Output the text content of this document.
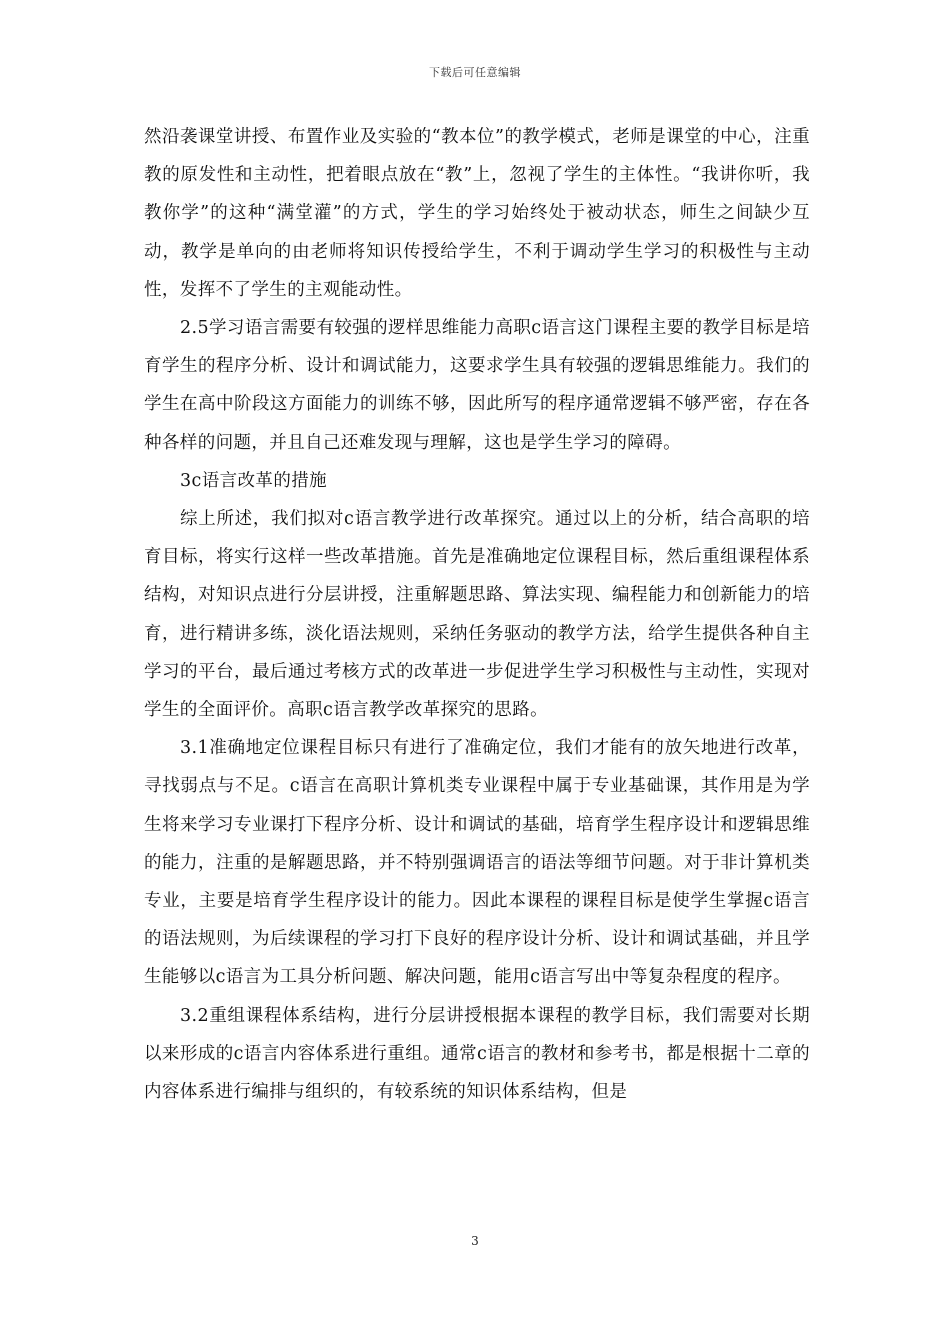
下载后可任意编辑

然沿袭课堂讲授、布置作业及实验的“教本位”的教学模式，老师是课堂的中心，注重教的原发性和主动性，把着眼点放在“教”上，忽视了学生的主体性。“我讲你听，我教你学”的这种“满堂灌”的方式，学生的学习始终处于被动状态，师生之间缺少互动，教学是单向的由老师将知识传授给学生，不利于调动学生学习的积极性与主动性，发挥不了学生的主观能动性。

2.5学习语言需要有较强的逻样思维能力高职c语言这门课程主要的教学目标是培育学生的程序分析、设计和调试能力，这要求学生具有较强的逻辑思维能力。我们的学生在高中阶段这方面能力的训练不够，因此所写的程序通常逻辑不够严密，存在各种各样的问题，并且自己还难发现与理解，这也是学生学习的障碍。

3c语言改革的措施

综上所述，我们拟对c语言教学进行改革探究。通过以上的分析，结合高职的培育目标，将实行这样一些改革措施。首先是准确地定位课程目标，然后重组课程体系结构，对知识点进行分层讲授，注重解题思路、算法实现、编程能力和创新能力的培育，进行精讲多练，淡化语法规则，采纳任务驱动的教学方法，给学生提供各种自主学习的平台，最后通过考核方式的改革进一步促进学生学习积极性与主动性，实现对学生的全面评价。高职c语言教学改革探究的思路。

3.1准确地定位课程目标只有进行了准确定位，我们才能有的放矢地进行改革，寻找弱点与不足。c语言在高职计算机类专业课程中属于专业基础课，其作用是为学生将来学习专业课打下程序分析、设计和调试的基础，培育学生程序设计和逻辑思维的能力，注重的是解题思路，并不特别强调语言的语法等细节问题。对于非计算机类专业，主要是培育学生程序设计的能力。因此本课程的课程目标是使学生掌握c语言的语法规则，为后续课程的学习打下良好的程序设计分析、设计和调试基础，并且学生能够以c语言为工具分析问题、解决问题，能用c语言写出中等复杂程度的程序。

3.2重组课程体系结构，进行分层讲授根据本课程的教学目标，我们需要对长期以来形成的c语言内容体系进行重组。通常c语言的教材和参考书，都是根据十二章的内容体系进行编排与组织的，有较系统的知识体系结构，但是

3
